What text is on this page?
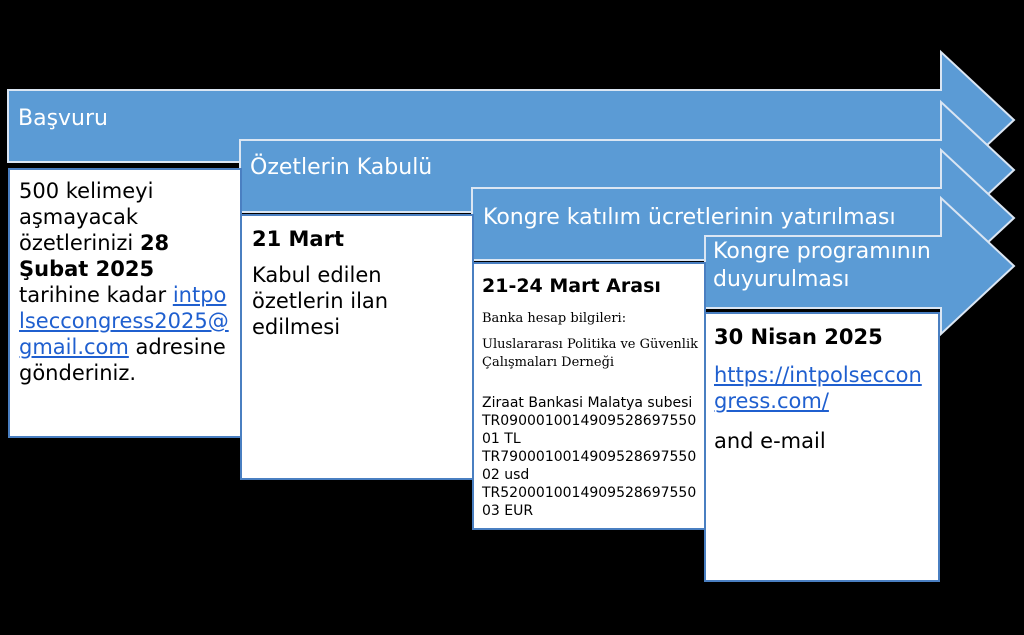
Başvuru
Özetlerin Kabulü
Kongre katılım ücretlerinin yatırılması
Kongre programının duyurulması
500 kelimeyi aşmayacak özetlerinizi 28 Şubat 2025 tarihine kadar intpolseccongress2025@gmail.com adresine gönderiniz.
21 Mart
Kabul edilen özetlerin ilan edilmesi
21-24 Mart Arası
Banka hesap bilgileri:
Uluslararası Politika ve Güvenlik Çalışmaları Derneği
Ziraat Bankasi Malatya subesi
TR090001001490952869755001 TL
TR790001001490952869755002 usd
TR520001001490952869755003 EUR
30 Nisan 2025
https://intpolseccongress.com/
and e-mail
